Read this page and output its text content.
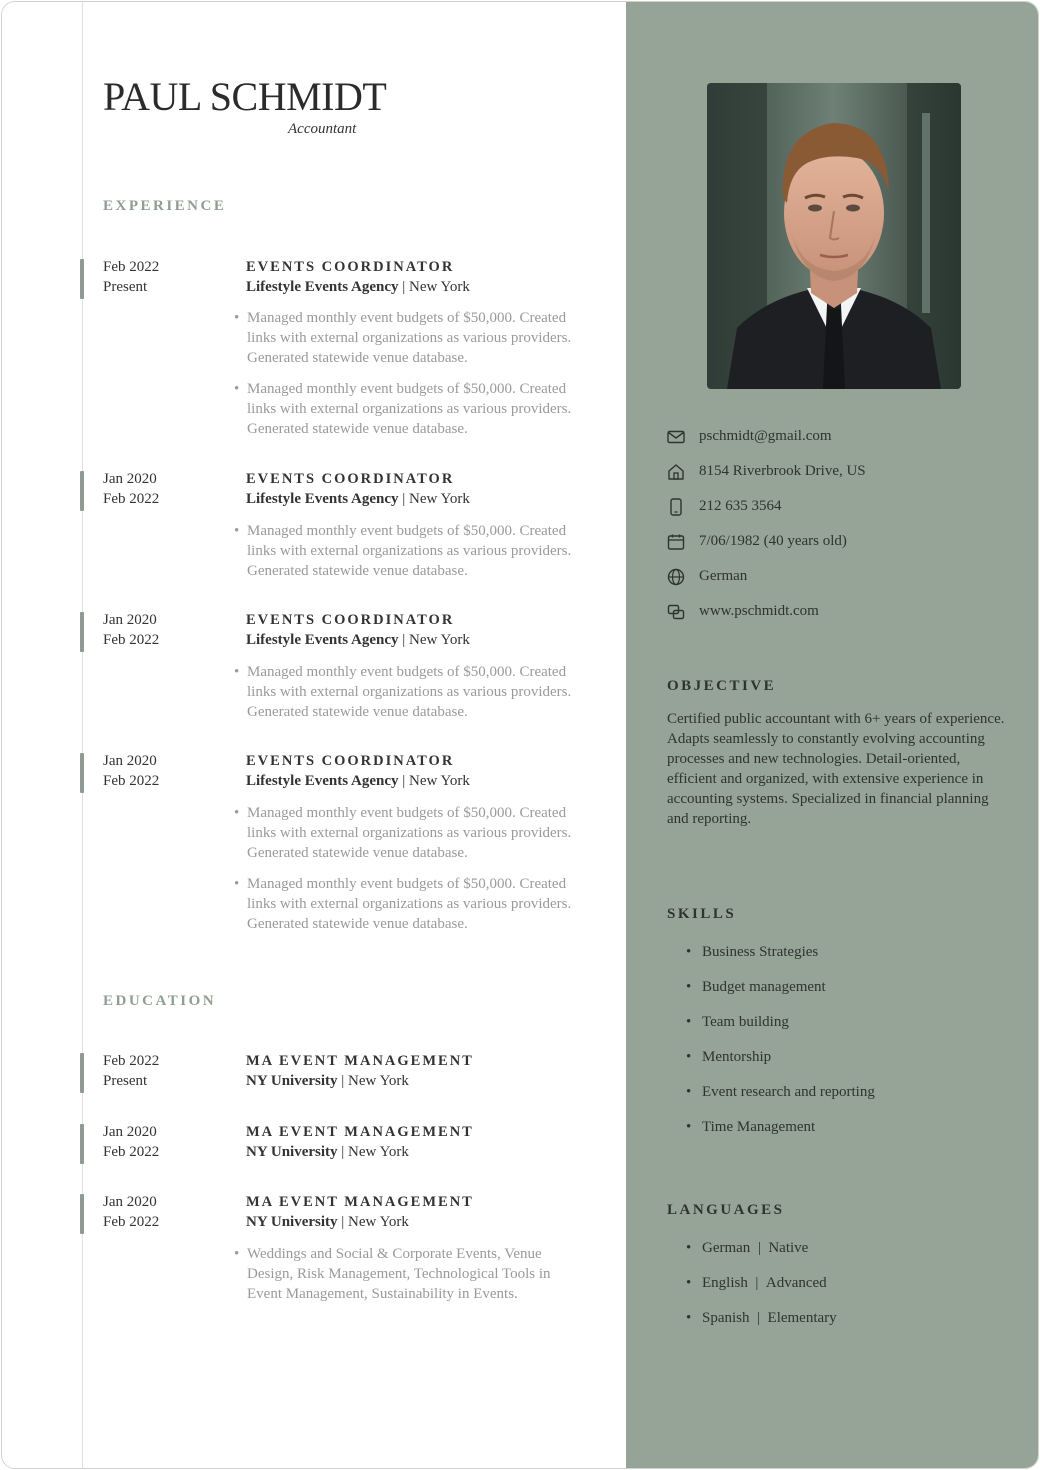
PAUL SCHMIDT
Accountant
EXPERIENCE
Feb 2022
Present
EVENTS COORDINATOR
Lifestyle Events Agency | New York
• Managed monthly event budgets of $50,000. Created links with external organizations as various providers. Generated statewide venue database.
• Managed monthly event budgets of $50,000. Created links with external organizations as various providers. Generated statewide venue database.
Jan 2020
Feb 2022
EVENTS COORDINATOR
Lifestyle Events Agency | New York
• Managed monthly event budgets of $50,000. Created links with external organizations as various providers. Generated statewide venue database.
Jan 2020
Feb 2022
EVENTS COORDINATOR
Lifestyle Events Agency | New York
• Managed monthly event budgets of $50,000. Created links with external organizations as various providers. Generated statewide venue database.
Jan 2020
Feb 2022
EVENTS COORDINATOR
Lifestyle Events Agency | New York
• Managed monthly event budgets of $50,000. Created links with external organizations as various providers. Generated statewide venue database.
• Managed monthly event budgets of $50,000. Created links with external organizations as various providers. Generated statewide venue database.
EDUCATION
Feb 2022
Present
MA EVENT MANAGEMENT
NY University | New York
Jan 2020
Feb 2022
MA EVENT MANAGEMENT
NY University | New York
Jan 2020
Feb 2022
MA EVENT MANAGEMENT
NY University | New York
• Weddings and Social & Corporate Events, Venue Design, Risk Management, Technological Tools in Event Management, Sustainability in Events.
pschmidt@gmail.com
8154 Riverbrook Drive, US
212 635 3564
7/06/1982 (40 years old)
German
www.pschmidt.com
OBJECTIVE
Certified public accountant with 6+ years of experience. Adapts seamlessly to constantly evolving accounting processes and new technologies. Detail-oriented, efficient and organized, with extensive experience in accounting systems. Specialized in financial planning and reporting.
SKILLS
• Business Strategies
• Budget management
• Team building
• Mentorship
• Event research and reporting
• Time Management
LANGUAGES
• German  |  Native
• English  |  Advanced
• Spanish  |  Elementary
